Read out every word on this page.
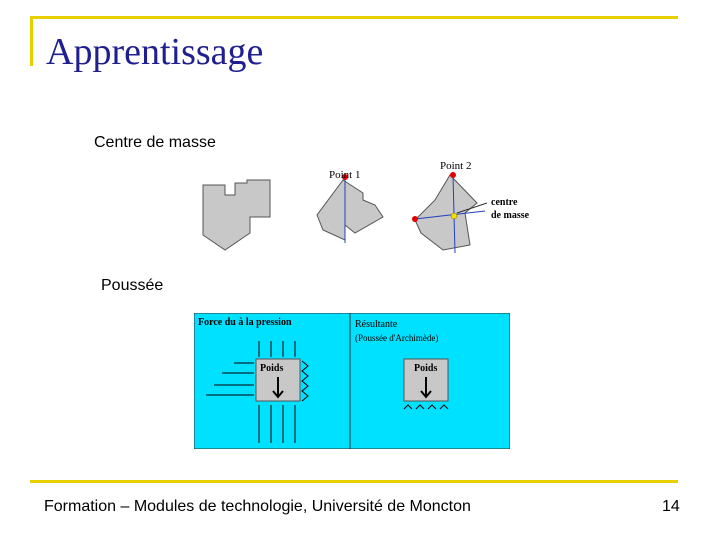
Apprentissage
Centre de masse
Point 1
Point 2
centre
de masse
Poussée
Force du à la pression	Résultante
(Poussée d'Archimède)
Poids	Poids
Formation – Modules de technologie, Université de Moncton	14
